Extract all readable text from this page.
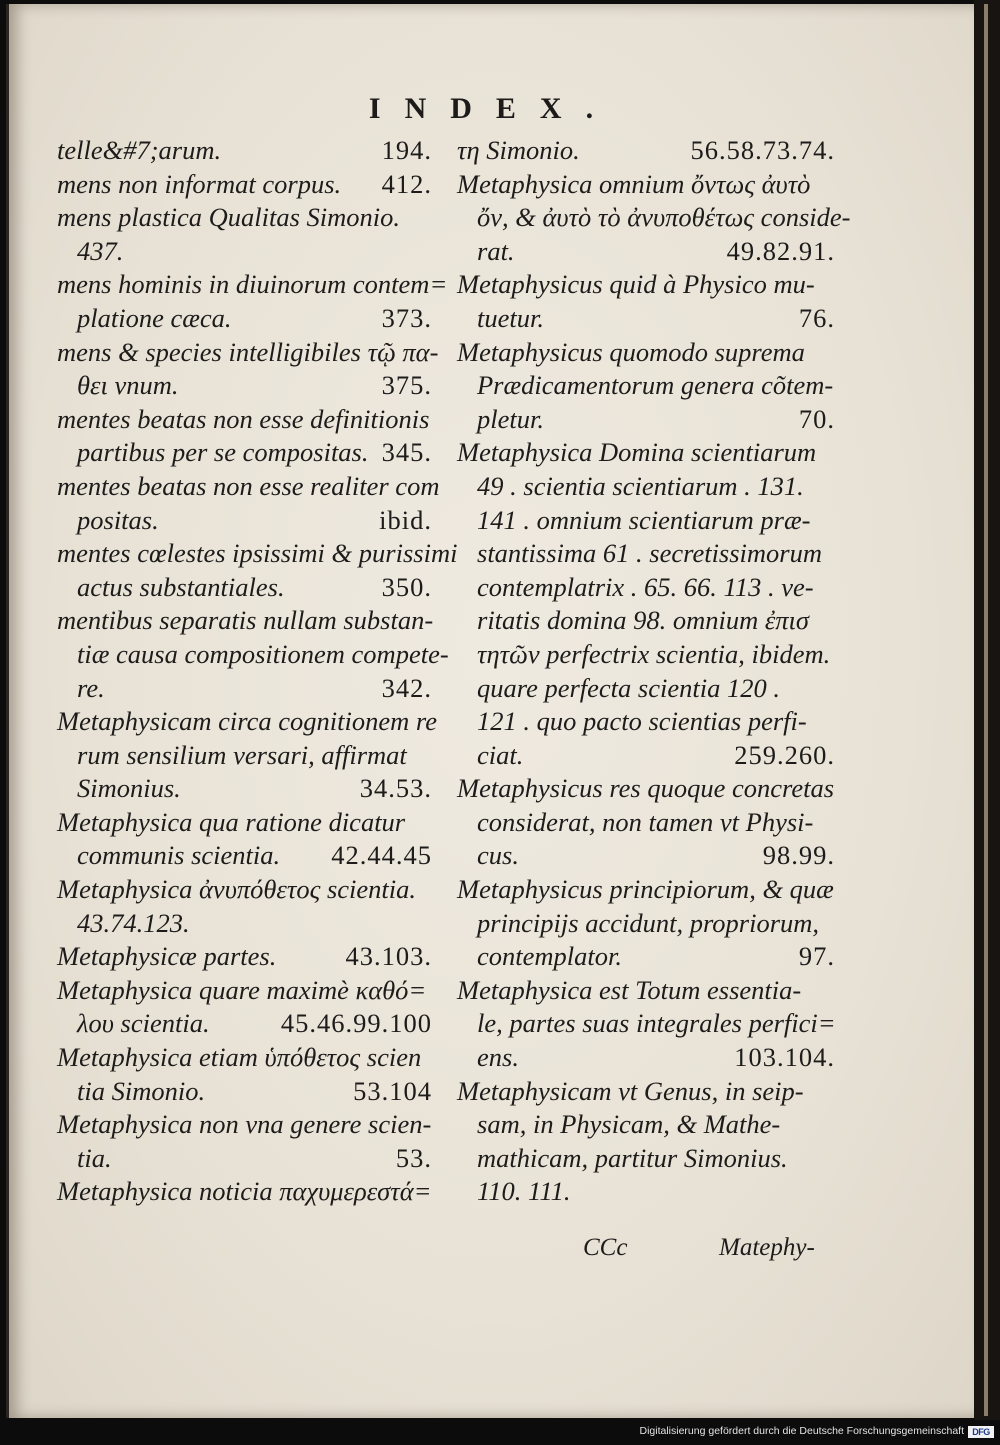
INDEX.
telle&#7;arum.	194.
mens non informat corpus. 412.
mens plastica Qualitas Simonio.
437.
mens hominis in diuinorum contem=
platione cæca.	373.
mens & species intelligibiles τῷ πα-
θει vnum.	375.
mentes beatas non esse definitionis
partibus per se compositas. 345.
mentes beatas non esse realiter com
positas.	ibid.
mentes cœlestes ipsissimi & purissimi
actus substantiales.	350.
mentibus separatis nullam substan-
tiæ causa compositionem compete-
re.	342.
Metaphysicam circa cognitionem re
rum sensilium versari, affirmat
Simonius.	34.53.
Metaphysica qua ratione dicatur
communis scientia. 42.44.45
Metaphysica ἀνυπόθετος scientia.
43.74.123.
Metaphysicæ partes.	43.103.
Metaphysica quare maximè καθό=
λου scientia.	45.46.99.100
Metaphysica etiam ὑπόθετος scien
tia Simonio.	53.104
Metaphysica non vna genere scien-
tia.	53.
Metaphysica noticia παχυμερεστά=
τη Simonio.	56.58.73.74.
Metaphysica omnium ὄντως ἀυτὸ
ὄν, & ἀυτὸ τὸ ἀνυποθέτως conside-
rat.	49.82.91.
Metaphysicus quid à Physico mu-
tuetur.	76.
Metaphysicus quomodo suprema
Prædicamentorum genera cõtem-
pletur.	70.
Metaphysica Domina scientiarum
49 . scientia scientiarum . 131.
141 . omnium scientiarum præ-
stantissima 61 . secretissimorum
contemplatrix . 65. 66. 113 . ve-
ritatis domina 98. omnium ἐπισ
τητῶν perfectrix scientia, ibidem.
quare perfecta scientia 120 .
121 . quo pacto scientias perfi-
ciat.	259.260.
Metaphysicus res quoque concretas
considerat, non tamen vt Physi-
cus.	98.99.
Metaphysicus principiorum, & quæ
principijs accidunt, propriorum,
contemplator.	97.
Metaphysica est Totum essentia-
le, partes suas integrales perfici=
ens.	103.104.
Metaphysicam vt Genus, in seip-
sam, in Physicam, & Mathe-
mathicam, partitur Simonius.
110. 111.
CCc	Matephy-
Digitalisierung gefördert durch die Deutsche Forschungsgemeinschaft DFG
